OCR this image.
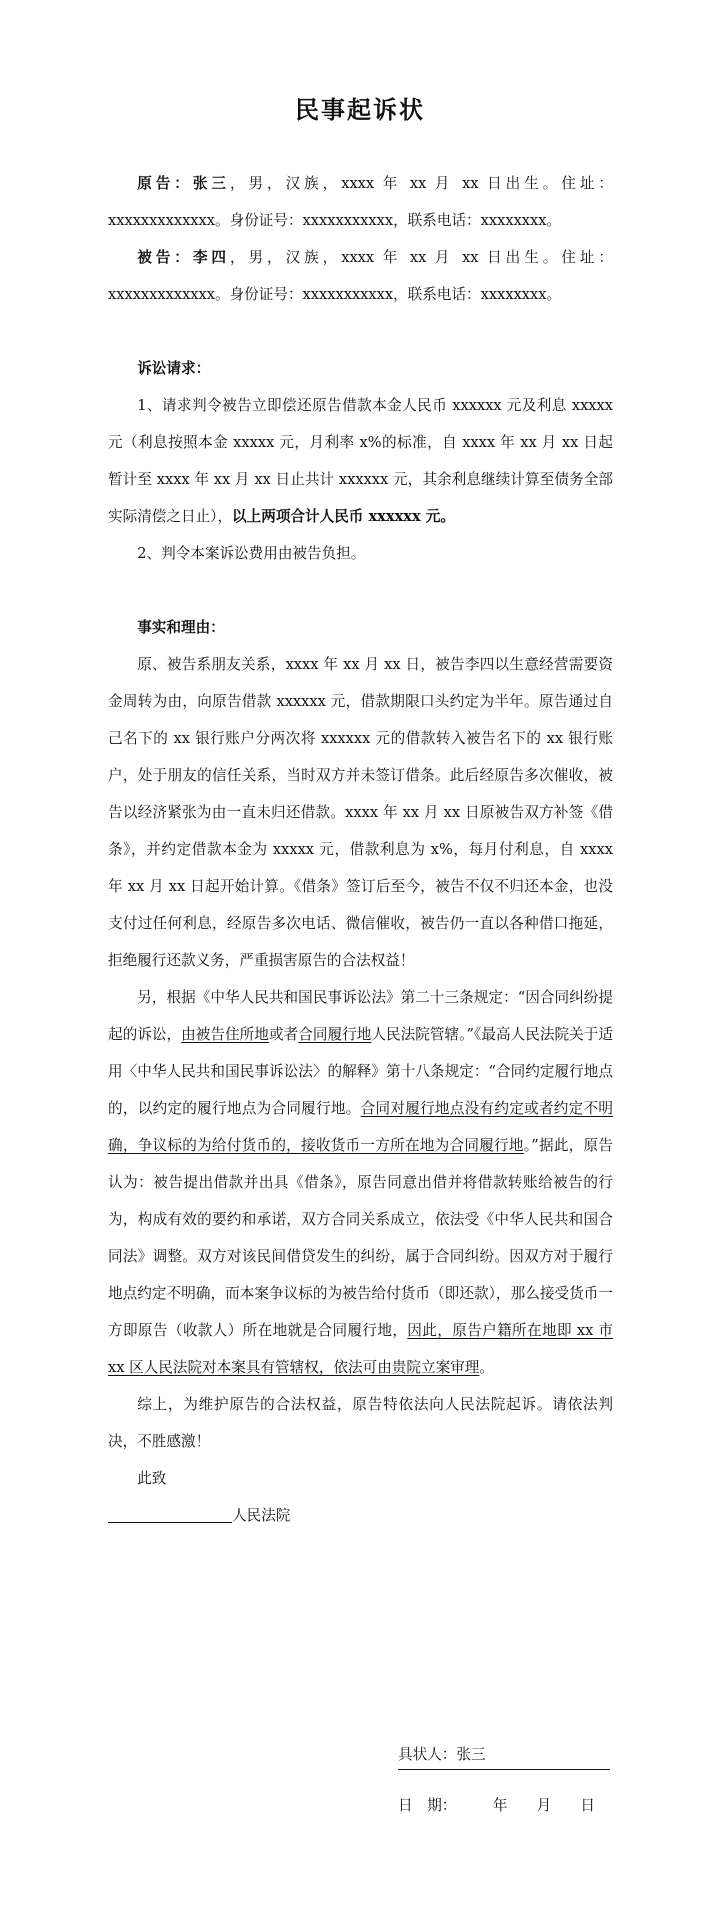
民事起诉状

原告：张三，男，汉族，xxxx 年 xx 月 xx 日出生。住址：xxxxxxxxxxxxx。身份证号：xxxxxxxxxxx，联系电话：xxxxxxxx。

被告：李四，男，汉族，xxxx 年 xx 月 xx 日出生。住址：xxxxxxxxxxxxx。身份证号：xxxxxxxxxxx，联系电话：xxxxxxxx。

诉讼请求：

1、请求判令被告立即偿还原告借款本金人民币 xxxxxx 元及利息 xxxxx 元（利息按照本金 xxxxx 元，月利率 x%的标准，自 xxxx 年 xx 月 xx 日起暂计至 xxxx 年 xx 月 xx 日止共计 xxxxxx 元，其余利息继续计算至债务全部实际清偿之日止），以上两项合计人民币 xxxxxx 元。

2、判令本案诉讼费用由被告负担。

事实和理由：

原、被告系朋友关系，xxxx 年 xx 月 xx 日，被告李四以生意经营需要资金周转为由，向原告借款 xxxxxx 元，借款期限口头约定为半年。原告通过自己名下的 xx 银行账户分两次将 xxxxxx 元的借款转入被告名下的 xx 银行账户，处于朋友的信任关系，当时双方并未签订借条。此后经原告多次催收，被告以经济紧张为由一直未归还借款。xxxx 年 xx 月 xx 日原被告双方补签《借条》，并约定借款本金为 xxxxx 元，借款利息为 x%，每月付利息，自 xxxx 年 xx 月 xx 日起开始计算。《借条》签订后至今，被告不仅不归还本金，也没支付过任何利息，经原告多次电话、微信催收，被告仍一直以各种借口拖延，拒绝履行还款义务，严重损害原告的合法权益！

另，根据《中华人民共和国民事诉讼法》第二十三条规定：“因合同纠纷提起的诉讼，由被告住所地或者合同履行地人民法院管辖。”《最高人民法院关于适用〈中华人民共和国民事诉讼法〉的解释》第十八条规定：“合同约定履行地点的，以约定的履行地点为合同履行地。合同对履行地点没有约定或者约定不明确，争议标的为给付货币的，接收货币一方所在地为合同履行地。”据此，原告认为：被告提出借款并出具《借条》，原告同意出借并将借款转账给被告的行为，构成有效的要约和承诺，双方合同关系成立，依法受《中华人民共和国合同法》调整。双方对该民间借贷发生的纠纷，属于合同纠纷。因双方对于履行地点约定不明确，而本案争议标的为被告给付货币（即还款），那么接受货币一方即原告（收款人）所在地就是合同履行地，因此，原告户籍所在地即 xx 市 xx 区人民法院对本案具有管辖权，依法可由贵院立案审理。

综上，为维护原告的合法权益，原告特依法向人民法院起诉。请依法判决，不胜感激！

此致

人民法院

具状人：张三
日　期：　　　年　　月　　日
